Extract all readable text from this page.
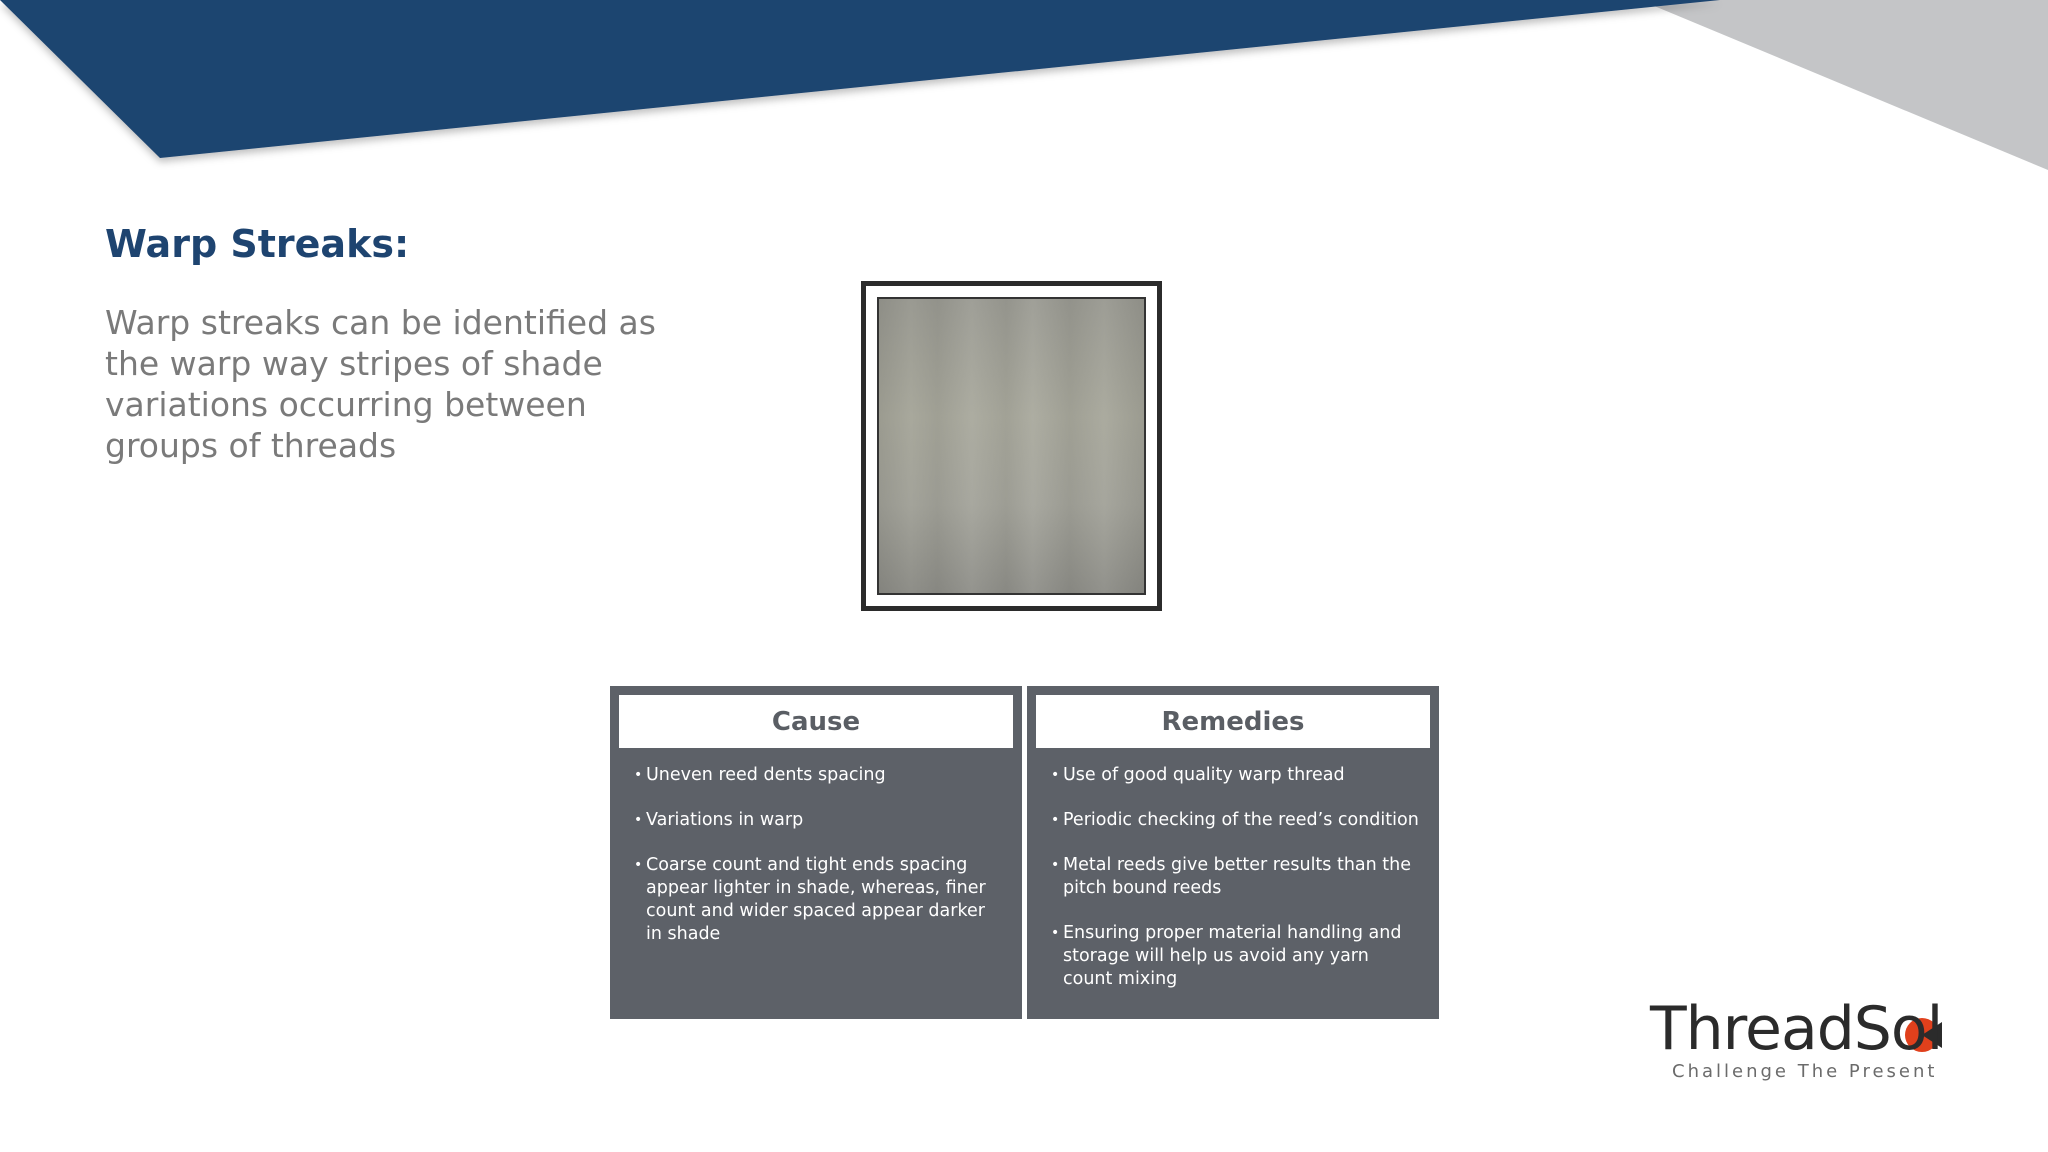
Warp Streaks:

Warp streaks can be identified as the warp way stripes of shade variations occurring between groups of threads

Cause
• Uneven reed dents spacing
• Variations in warp
• Coarse count and tight ends spacing appear lighter in shade, whereas, finer count and wider spaced appear darker in shade
Remedies
• Use of good quality warp thread
• Periodic checking of the reed’s condition
• Metal reeds give better results than the pitch bound reeds
• Ensuring proper material handling and storage will help us avoid any yarn count mixing
ThreadSol
Challenge The Present
